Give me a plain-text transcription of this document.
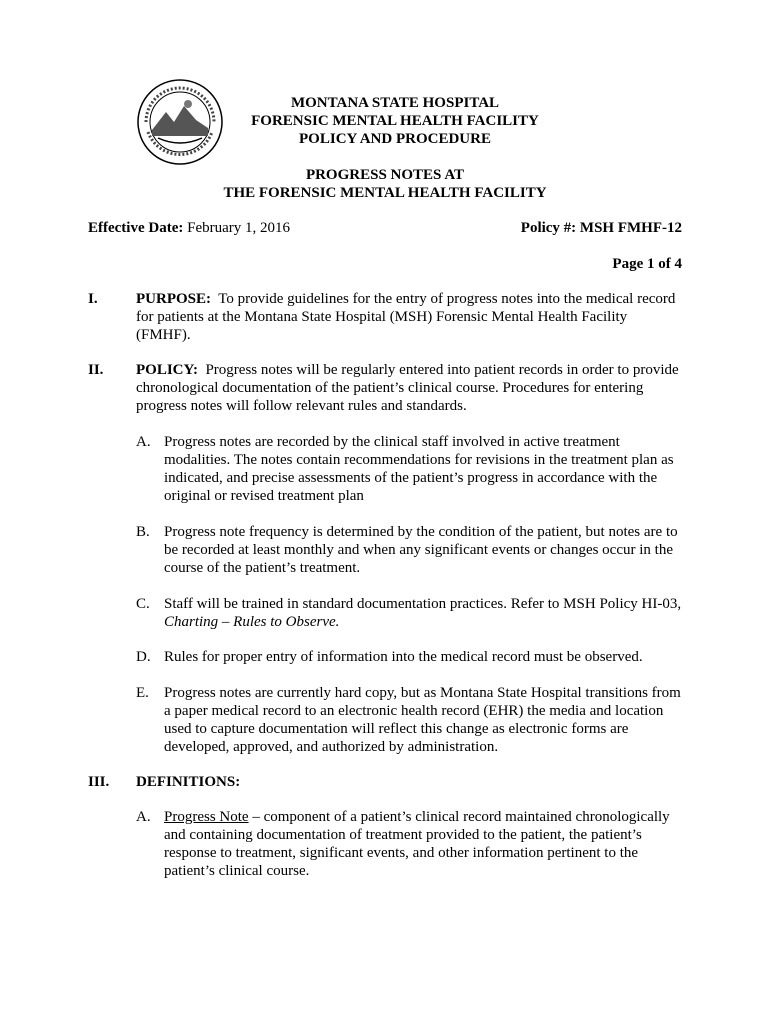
MONTANA STATE HOSPITAL
FORENSIC MENTAL HEALTH FACILITY
POLICY AND PROCEDURE
PROGRESS NOTES AT
THE FORENSIC MENTAL HEALTH FACILITY
Effective Date: February 1, 2016	Policy #: MSH FMHF-12
Page 1 of 4
I.	PURPOSE: To provide guidelines for the entry of progress notes into the medical record for patients at the Montana State Hospital (MSH) Forensic Mental Health Facility (FMHF).
II. POLICY: Progress notes will be regularly entered into patient records in order to provide chronological documentation of the patient’s clinical course. Procedures for entering progress notes will follow relevant rules and standards.
A. Progress notes are recorded by the clinical staff involved in active treatment modalities. The notes contain recommendations for revisions in the treatment plan as indicated, and precise assessments of the patient’s progress in accordance with the original or revised treatment plan
B. Progress note frequency is determined by the condition of the patient, but notes are to be recorded at least monthly and when any significant events or changes occur in the course of the patient’s treatment.
C. Staff will be trained in standard documentation practices. Refer to MSH Policy HI-03, Charting – Rules to Observe.
D. Rules for proper entry of information into the medical record must be observed.
E. Progress notes are currently hard copy, but as Montana State Hospital transitions from a paper medical record to an electronic health record (EHR) the media and location used to capture documentation will reflect this change as electronic forms are developed, approved, and authorized by administration.
III. DEFINITIONS:
A. Progress Note – component of a patient’s clinical record maintained chronologically and containing documentation of treatment provided to the patient, the patient’s response to treatment, significant events, and other information pertinent to the patient’s clinical course.
